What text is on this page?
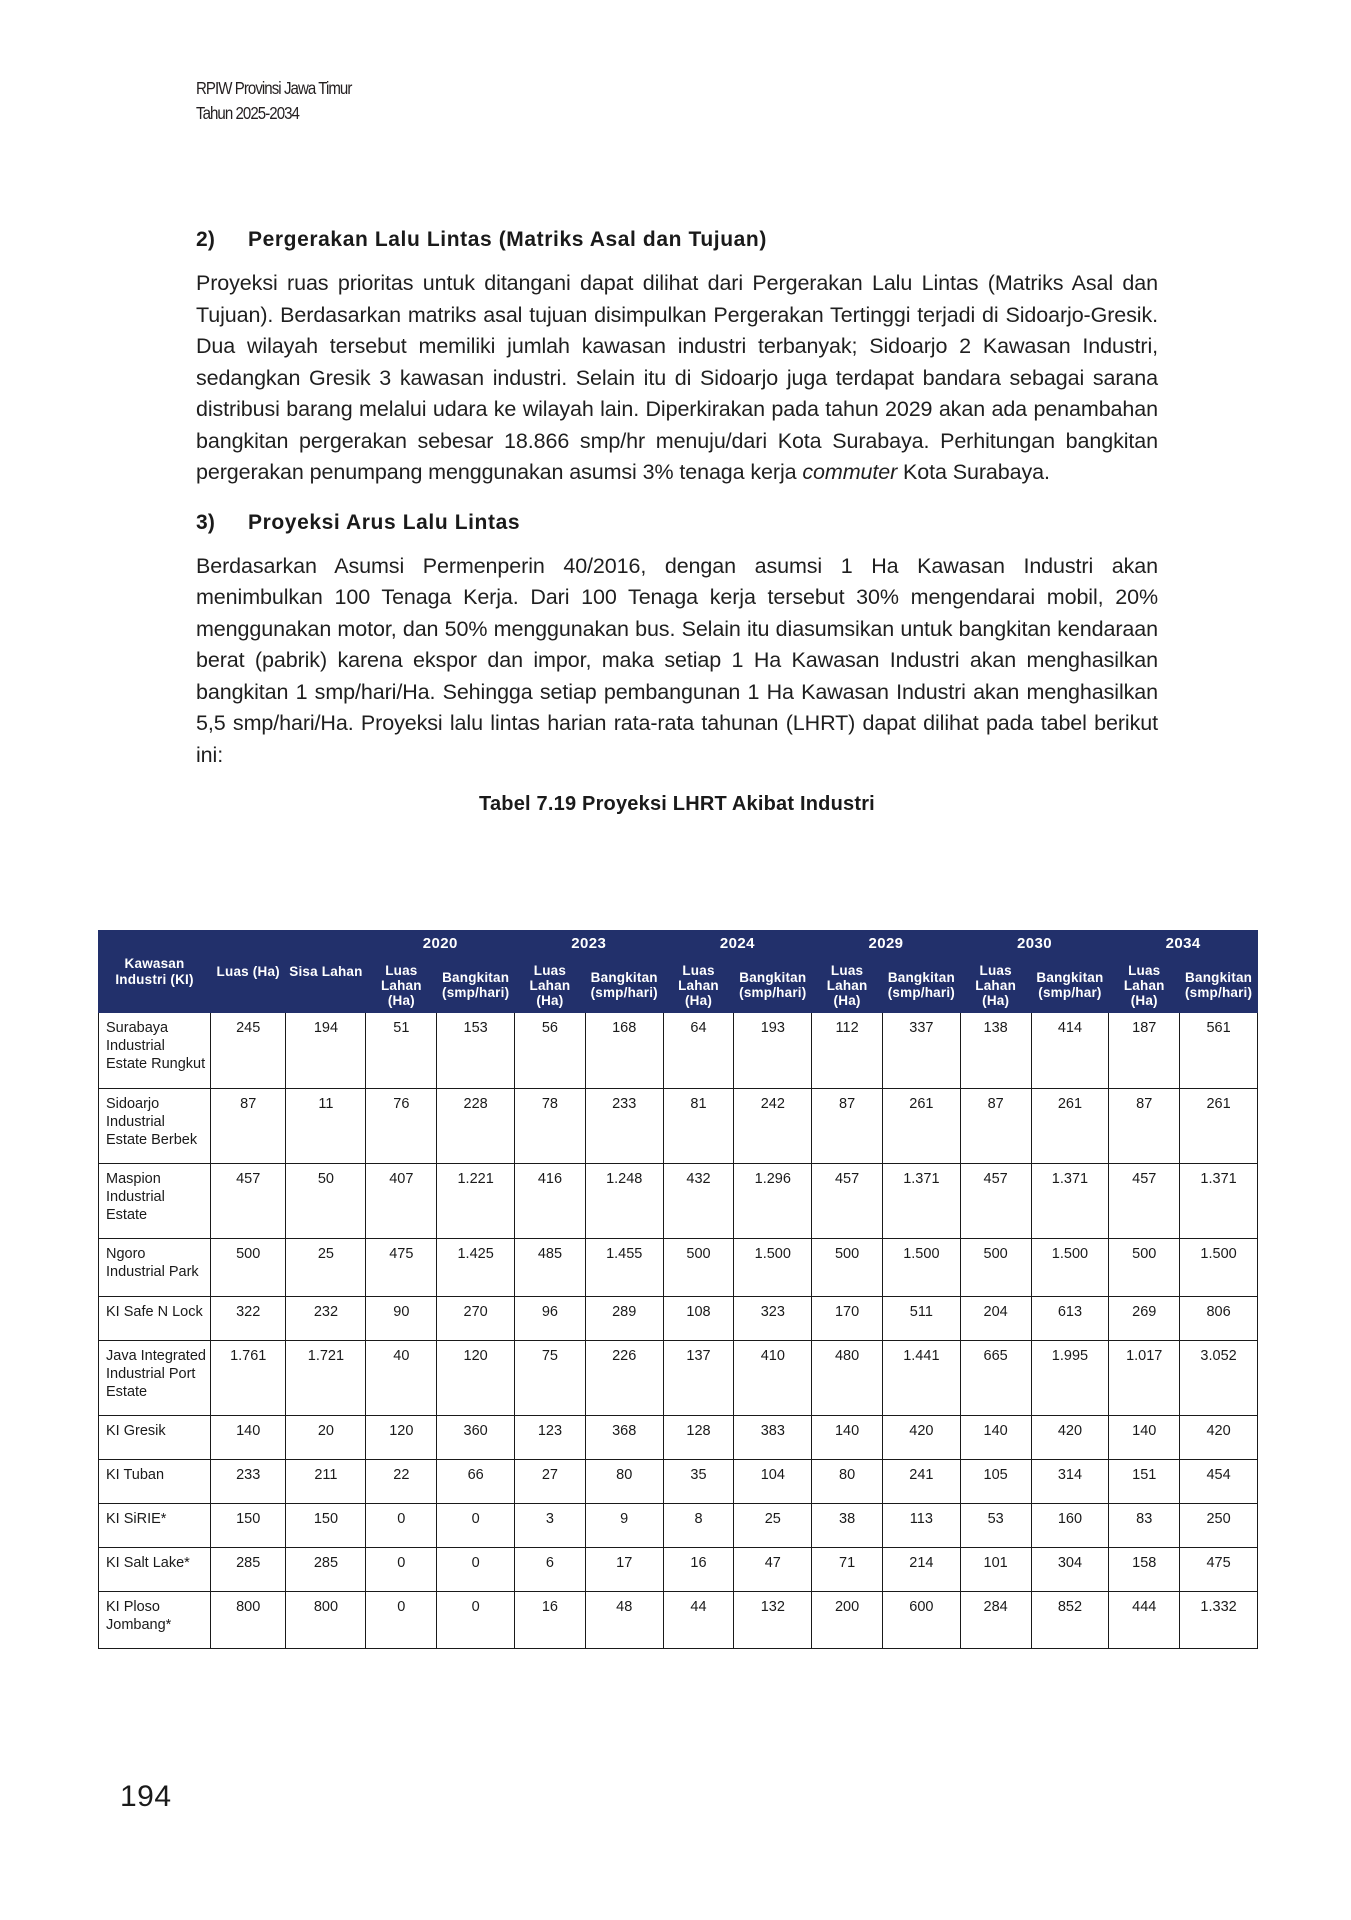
RPIW Provinsi Jawa Timur
Tahun 2025-2034
2)	Pergerakan Lalu Lintas (Matriks Asal dan Tujuan)

Proyeksi ruas prioritas untuk ditangani dapat dilihat dari Pergerakan Lalu Lintas (Matriks Asal dan Tujuan). Berdasarkan matriks asal tujuan disimpulkan Pergerakan Tertinggi terjadi di Sidoarjo-Gresik. Dua wilayah tersebut memiliki jumlah kawasan industri terbanyak; Sidoarjo 2 Kawasan Industri, sedangkan Gresik 3 kawasan industri. Selain itu di Sidoarjo juga terdapat bandara sebagai sarana distribusi barang melalui udara ke wilayah lain. Diperkirakan pada tahun 2029 akan ada penambahan bangkitan pergerakan sebesar 18.866 smp/hr menuju/dari Kota Surabaya. Perhitungan bangkitan pergerakan penumpang menggunakan asumsi 3% tenaga kerja commuter Kota Surabaya.

3)	Proyeksi Arus Lalu Lintas

Berdasarkan Asumsi Permenperin 40/2016, dengan asumsi 1 Ha Kawasan Industri akan menimbulkan 100 Tenaga Kerja. Dari 100 Tenaga kerja tersebut 30% mengendarai mobil, 20% menggunakan motor, dan 50% menggunakan bus. Selain itu diasumsikan untuk bangkitan kendaraan berat (pabrik) karena ekspor dan impor, maka setiap 1 Ha Kawasan Industri akan menghasilkan bangkitan 1 smp/hari/Ha. Sehingga setiap pembangunan 1 Ha Kawasan Industri akan menghasilkan 5,5 smp/hari/Ha. Proyeksi lalu lintas harian rata-rata tahunan (LHRT) dapat dilihat pada tabel berikut ini:

Tabel 7.19 Proyeksi LHRT Akibat Industri
Kawasan Industri (KI)	Luas (Ha)	Sisa Lahan	2020		2023		2024		2029		2030		2034	
			Luas Lahan (Ha)	Bangkitan (smp/hari)	Luas Lahan (Ha)	Bangkitan (smp/hari)	Luas Lahan (Ha)	Bangkitan (smp/hari)	Luas Lahan (Ha)	Bangkitan (smp/hari)	Luas Lahan (Ha)	Bangkitan (smp/har)	Luas Lahan (Ha)	Bangkitan (smp/hari)
Surabaya Industrial Estate Rungkut	245	194	51	153	56	168	64	193	112	337	138	414	187	561
Sidoarjo Industrial Estate Berbek	87	11	76	228	78	233	81	242	87	261	87	261	87	261
Maspion Industrial Estate	457	50	407	1.221	416	1.248	432	1.296	457	1.371	457	1.371	457	1.371
Ngoro Industrial Park	500	25	475	1.425	485	1.455	500	1.500	500	1.500	500	1.500	500	1.500
KI Safe N Lock	322	232	90	270	96	289	108	323	170	511	204	613	269	806
Java Integrated Industrial Port Estate	1.761	1.721	40	120	75	226	137	410	480	1.441	665	1.995	1.017	3.052
KI Gresik	140	20	120	360	123	368	128	383	140	420	140	420	140	420
KI Tuban	233	211	22	66	27	80	35	104	80	241	105	314	151	454
KI SiRIE*	150	150	0	0	3	9	8	25	38	113	53	160	83	250
KI Salt Lake*	285	285	0	0	6	17	16	47	71	214	101	304	158	475
KI Ploso Jombang*	800	800	0	0	16	48	44	132	200	600	284	852	444	1.332
194
